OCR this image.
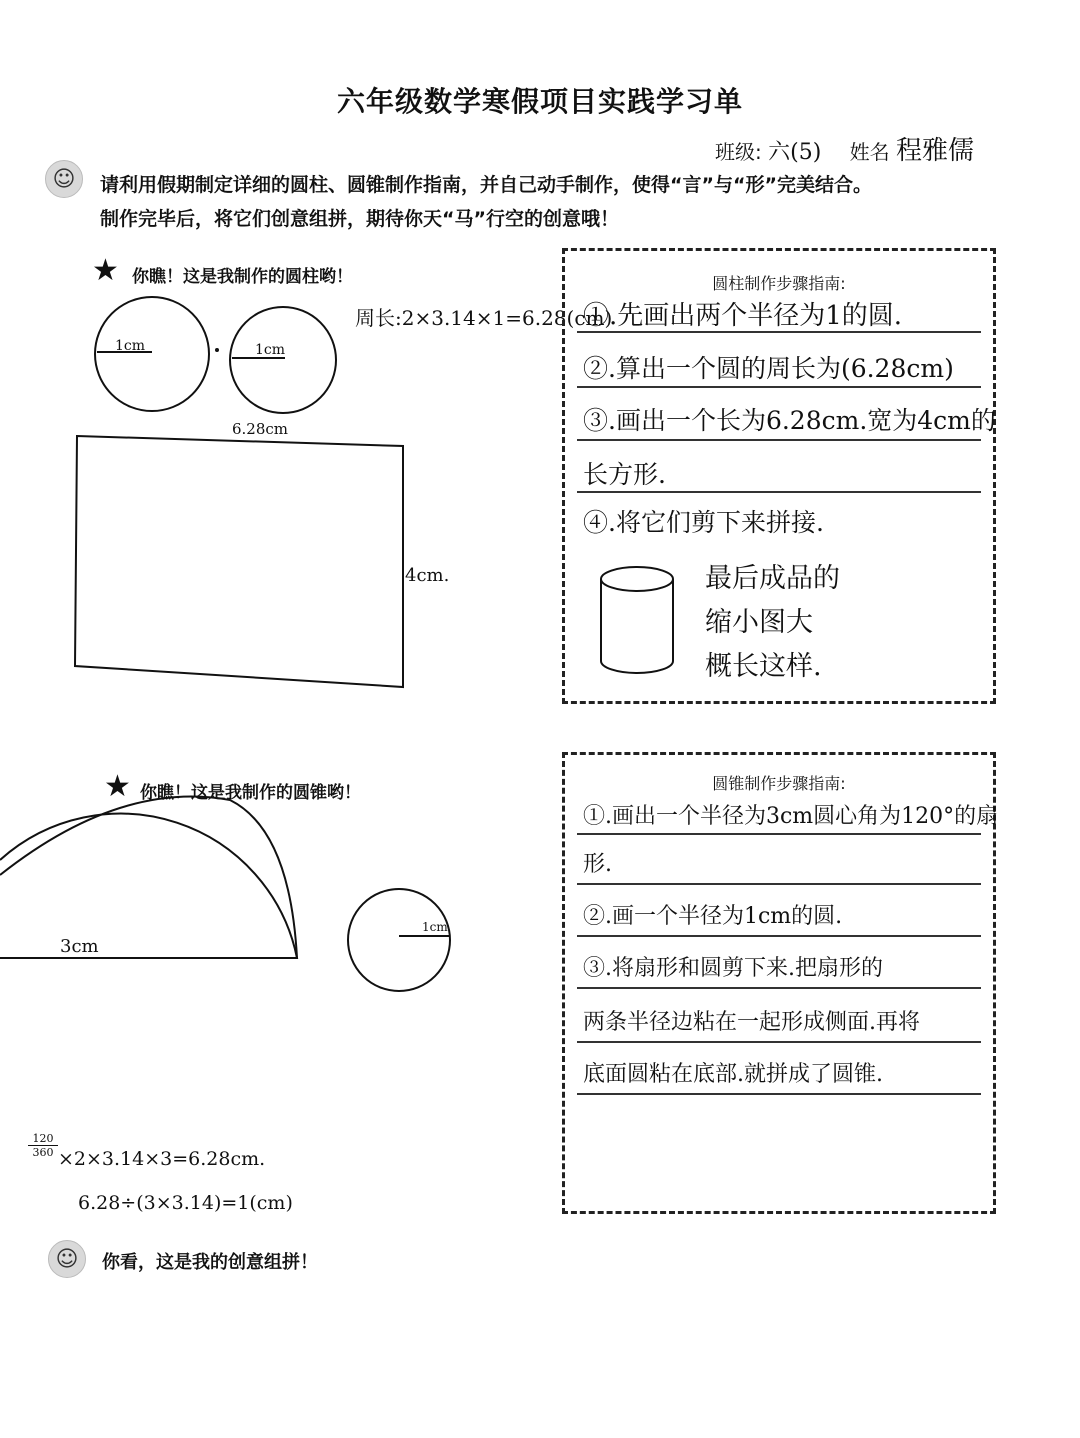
六年级数学寒假项目实践学习单
班级: 六(5) 姓名 程雅儒
☺	请利用假期制定详细的圆柱、圆锥制作指南，并自己动手制作，使得“言”与“形”完美结合。
制作完毕后，将它们创意组拼，期待你天“马”行空的创意哦！
★ 你瞧！这是我制作的圆柱哟！
周长:2×3.14×1=6.28(cm)
1cm	1cm
6.28cm
4cm.
圆柱制作步骤指南:
①.先画出两个半径为1的圆.
②.算出一个圆的周长为(6.28cm)
③.画出一个长为6.28cm.宽为4cm的
长方形.
④.将它们剪下来拼接.
最后成品的
缩小图大
概长这样.
★ 你瞧！这是我制作的圆锥哟！
3cm
1cm
圆锥制作步骤指南:
①.画出一个半径为3cm圆心角为120°的扇
形.
②.画一个半径为1cm的圆.
③.将扇形和圆剪下来.把扇形的
两条半径边粘在一起形成侧面.再将
底面圆粘在底部.就拼成了圆锥.
$\frac{120}{360} \times 2\times 3.14\times 3=6.28cm$.
6.28÷(3×3.14)=1(cm)
☺	你看，这是我的创意组拼！
